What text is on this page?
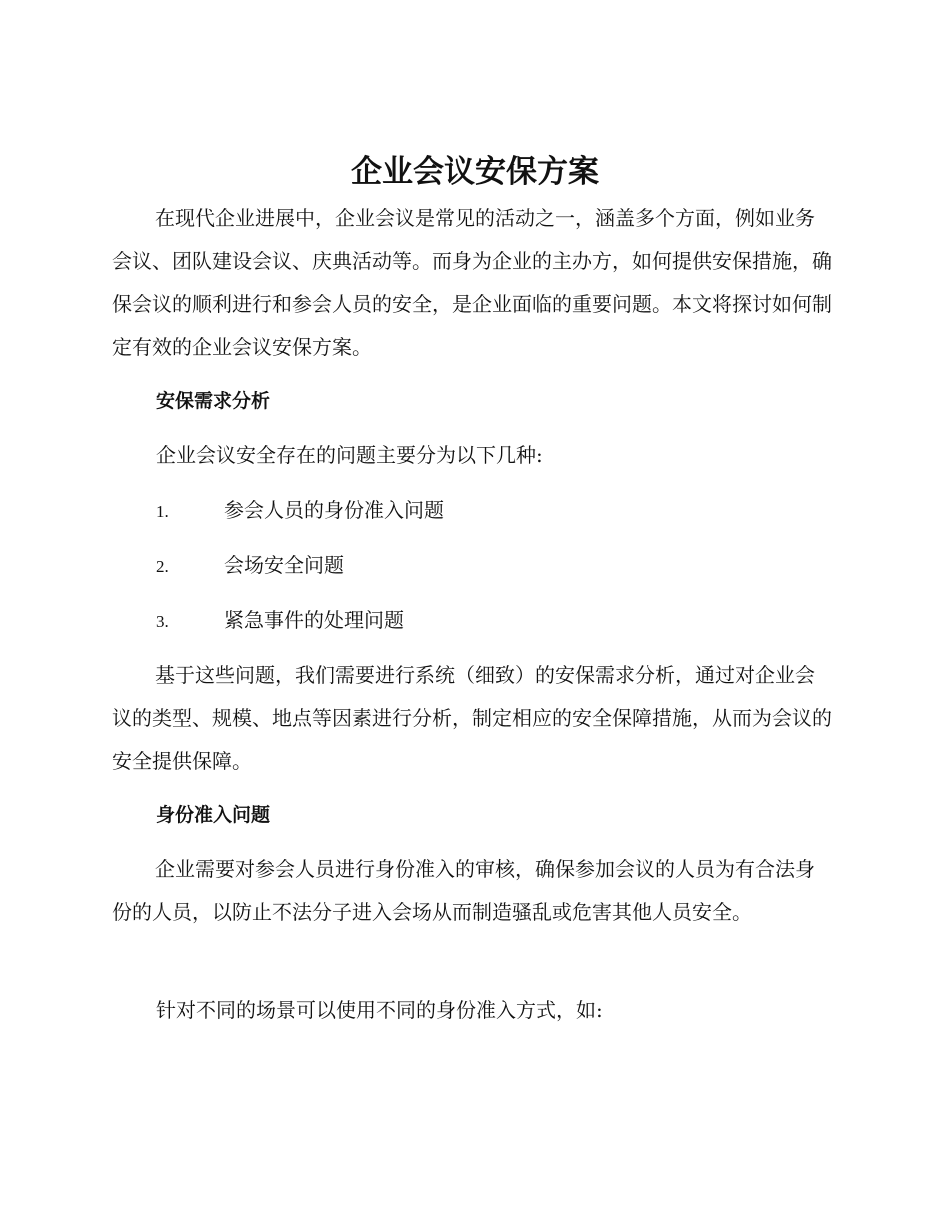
企业会议安保方案

在现代企业进展中，企业会议是常见的活动之一，涵盖多个方面，例如业务会议、团队建设会议、庆典活动等。而身为企业的主办方，如何提供安保措施，确保会议的顺利进行和参会人员的安全，是企业面临的重要问题。本文将探讨如何制定有效的企业会议安保方案。

安保需求分析

企业会议安全存在的问题主要分为以下几种:

1.	参会人员的身份准入问题
2.	会场安全问题
3.	紧急事件的处理问题

基于这些问题，我们需要进行系统（细致）的安保需求分析，通过对企业会议的类型、规模、地点等因素进行分析，制定相应的安全保障措施，从而为会议的安全提供保障。

身份准入问题

企业需要对参会人员进行身份准入的审核，确保参加会议的人员为有合法身份的人员，以防止不法分子进入会场从而制造骚乱或危害其他人员安全。

针对不同的场景可以使用不同的身份准入方式，如:
